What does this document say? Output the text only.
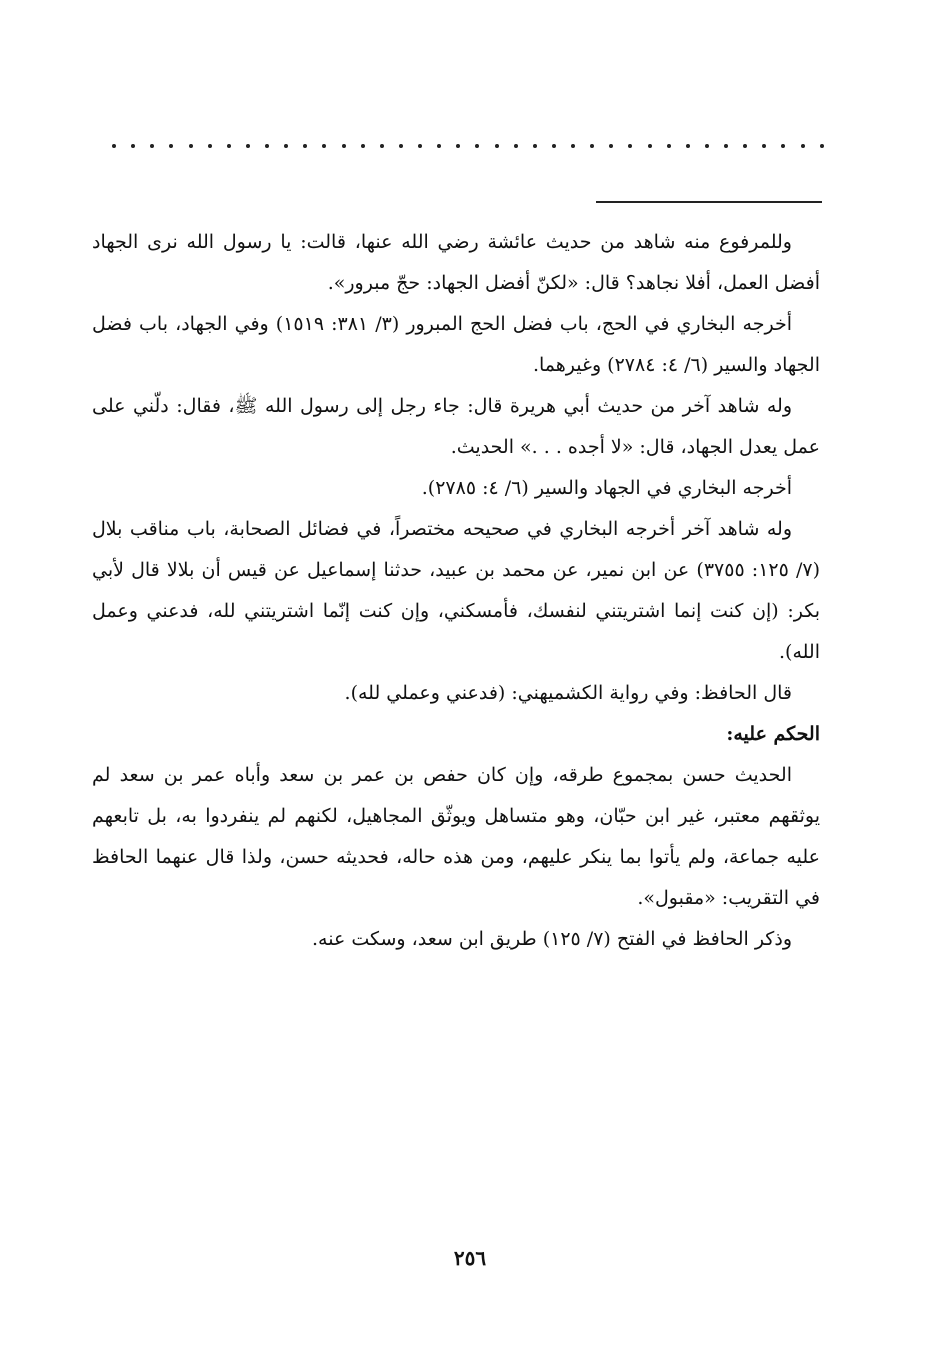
وللمرفوع منه شاهد من حديث عائشة رضي الله عنها، قالت: يا رسول الله نرى الجهاد أفضل العمل، أفلا نجاهد؟ قال: «لكنّ أفضل الجهاد: حجّ مبرور».

أخرجه البخاري في الحج، باب فضل الحج المبرور (٣/ ٣٨١: ١٥١٩) وفي الجهاد، باب فضل الجهاد والسير (٦/ ٤: ٢٧٨٤) وغيرهما.

وله شاهد آخر من حديث أبي هريرة قال: جاء رجل إلى رسول الله ﷺ، فقال: دلّني على عمل يعدل الجهاد، قال: «لا أجده . . .» الحديث.

أخرجه البخاري في الجهاد والسير (٦/ ٤: ٢٧٨٥).

وله شاهد آخر أخرجه البخاري في صحيحه مختصراً، في فضائل الصحابة، باب مناقب بلال (٧/ ١٢٥: ٣٧٥٥) عن ابن نمير، عن محمد بن عبيد، حدثنا إسماعيل عن قيس أن بلالا قال لأبي بكر: (إن كنت إنما اشتريتني لنفسك، فأمسكني، وإن كنت إنّما اشتريتني لله، فدعني وعمل الله).

قال الحافظ: وفي رواية الكشميهني: (فدعني وعملي لله).

الحكم عليه:

الحديث حسن بمجموع طرقه، وإن كان حفص بن عمر بن سعد وأباه عمر بن سعد لم يوثقهم معتبر، غير ابن حبّان، وهو متساهل ويوثّق المجاهيل، لكنهم لم ينفردوا به، بل تابعهم عليه جماعة، ولم يأتوا بما ينكر عليهم، ومن هذه حاله، فحديثه حسن، ولذا قال عنهما الحافظ في التقريب: «مقبول».

وذكر الحافظ في الفتح (٧/ ١٢٥) طريق ابن سعد، وسكت عنه.

٢٥٦
